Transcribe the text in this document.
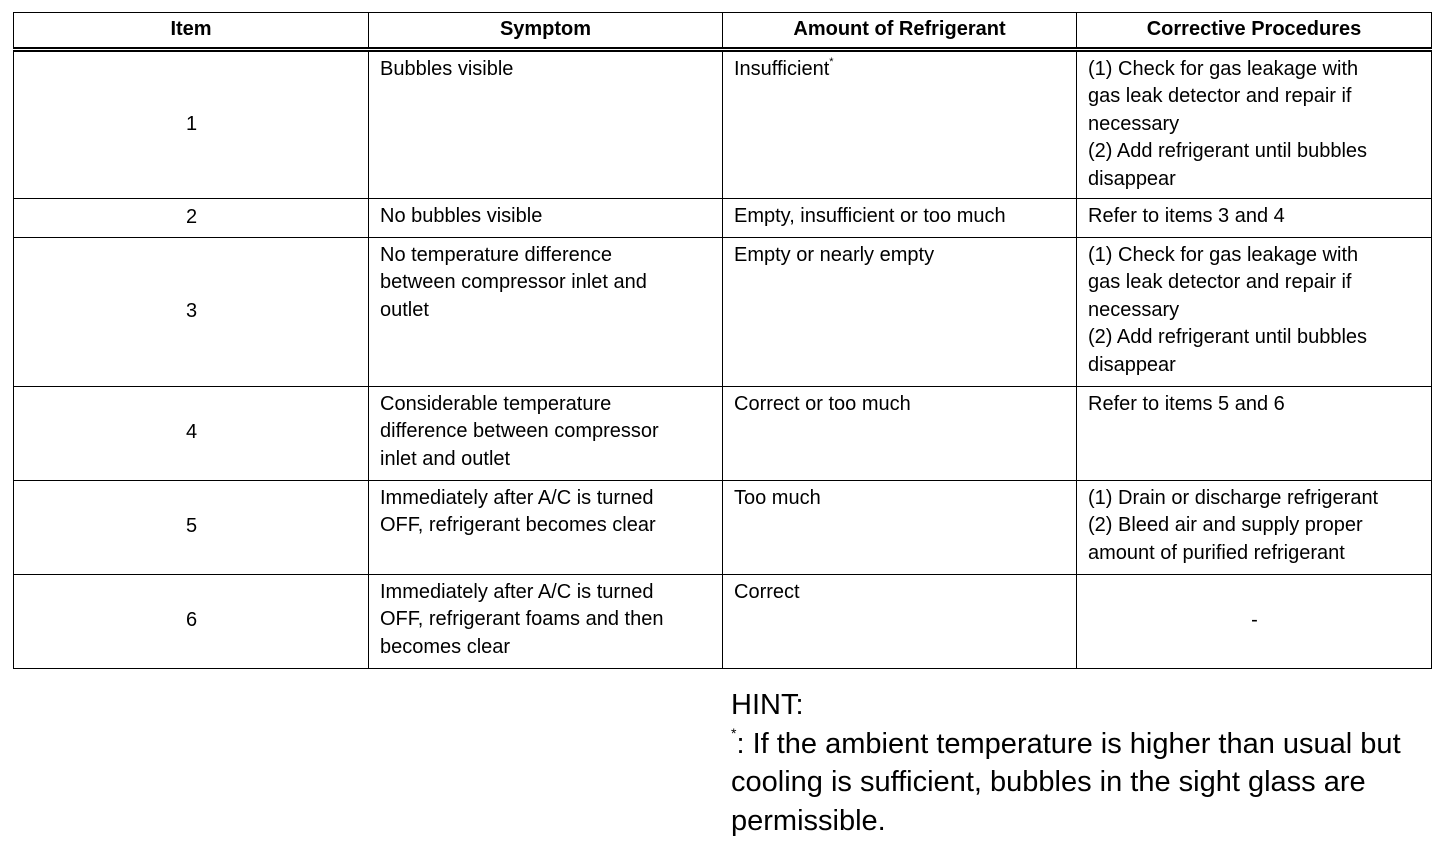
Item	Symptom	Amount of Refrigerant	Corrective Procedures
1	Bubbles visible	Insufficient*	(1) Check for gas leakage with
gas leak detector and repair if
necessary
(2) Add refrigerant until bubbles
disappear
2	No bubbles visible	Empty, insufficient or too much	Refer to items 3 and 4
3	No temperature difference
between compressor inlet and
outlet	Empty or nearly empty	(1) Check for gas leakage with
gas leak detector and repair if
necessary
(2) Add refrigerant until bubbles
disappear
4	Considerable temperature
difference between compressor
inlet and outlet	Correct or too much	Refer to items 5 and 6
5	Immediately after A/C is turned
OFF, refrigerant becomes clear	Too much	(1) Drain or discharge refrigerant
(2) Bleed air and supply proper
amount of purified refrigerant
6	Immediately after A/C is turned
OFF, refrigerant foams and then
becomes clear	Correct	-
HINT:
*: If the ambient temperature is higher than usual but
cooling is sufficient, bubbles in the sight glass are
permissible.
